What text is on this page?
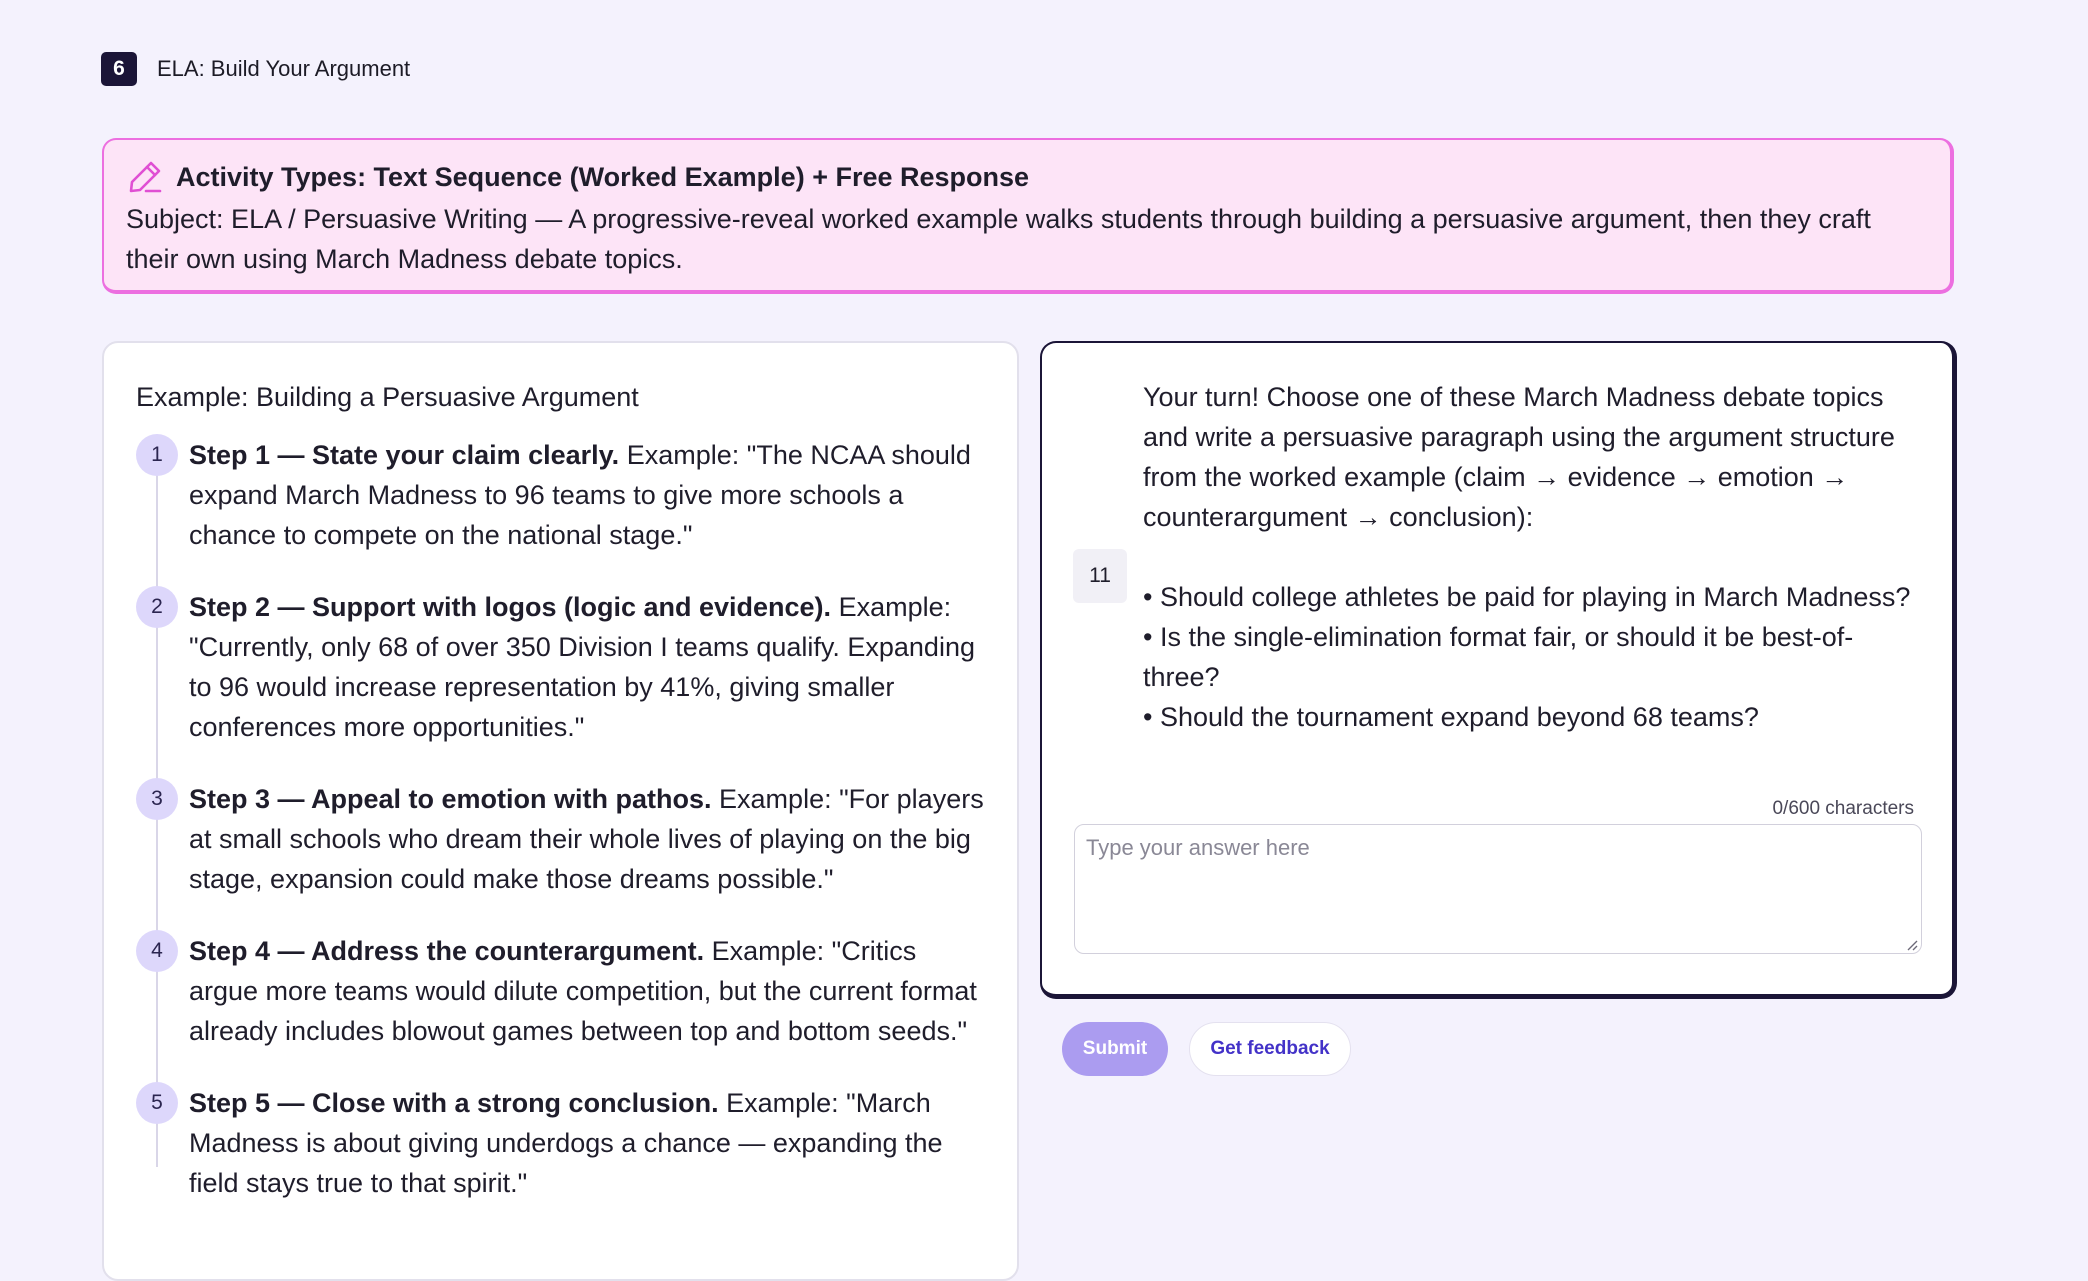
6	ELA: Build Your Argument
Activity Types: Text Sequence (Worked Example) + Free Response
Subject: ELA / Persuasive Writing — A progressive-reveal worked example walks students through building a persuasive argument, then they craft their own using March Madness debate topics.
Example: Building a Persuasive Argument
1 Step 1 — State your claim clearly. Example: "The NCAA should expand March Madness to 96 teams to give more schools a chance to compete on the national stage."
2 Step 2 — Support with logos (logic and evidence). Example: "Currently, only 68 of over 350 Division I teams qualify. Expanding to 96 would increase representation by 41%, giving smaller conferences more opportunities."
3 Step 3 — Appeal to emotion with pathos. Example: "For players at small schools who dream their whole lives of playing on the big stage, expansion could make those dreams possible."
4 Step 4 — Address the counterargument. Example: "Critics argue more teams would dilute competition, but the current format already includes blowout games between top and bottom seeds."
5 Step 5 — Close with a strong conclusion. Example: "March Madness is about giving underdogs a chance — expanding the field stays true to that spirit."
11

Your turn! Choose one of these March Madness debate topics and write a persuasive paragraph using the argument structure from the worked example (claim → evidence → emotion → counterargument → conclusion):

• Should college athletes be paid for playing in March Madness?

• Is the single-elimination format fair, or should it be best-of-three?

• Should the tournament expand beyond 68 teams?

0/600 characters
Type your answer here
Submit	Get feedback
